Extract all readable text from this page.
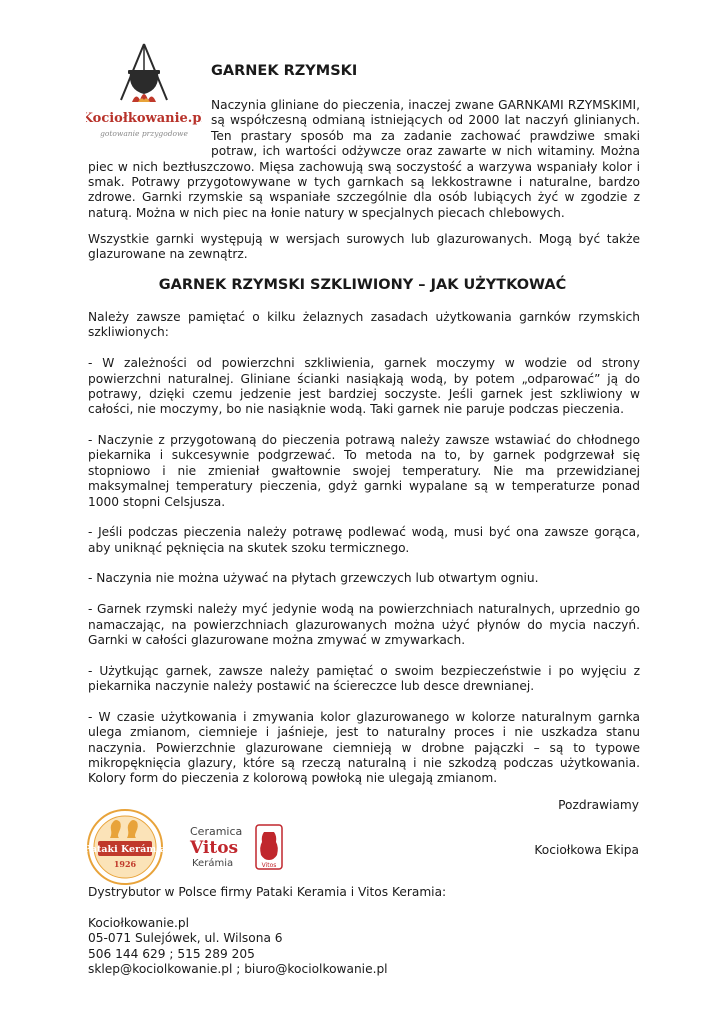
Kociołkowanie.pl
gotowanie przygodowe
GARNEK RZYMSKI
Naczynia gliniane do pieczenia, inaczej zwane GARNKAMI RZYMSKIMI, są współczesną odmianą istniejących od 2000 lat naczyń glinianych. Ten prastary sposób ma za zadanie zachować prawdziwe smaki potraw, ich wartości odżywcze oraz zawarte w nich witaminy. Można piec w nich beztłuszczowo. Mięsa zachowują swą soczystość a warzywa wspaniały kolor i smak. Potrawy przygotowywane w tych garnkach są lekkostrawne i naturalne, bardzo zdrowe. Garnki rzymskie są wspaniałe szczególnie dla osób lubiących żyć w zgodzie z naturą. Można w nich piec na łonie natury w specjalnych piecach chlebowych.

Wszystkie garnki występują w wersjach surowych lub glazurowanych. Mogą być także glazurowane na zewnątrz.

GARNEK RZYMSKI SZKLIWIONY – JAK UŻYTKOWAĆ

Należy zawsze pamiętać o kilku żelaznych zasadach użytkowania garnków rzymskich szkliwionych:

- W zależności od powierzchni szkliwienia, garnek moczymy w wodzie od strony powierzchni naturalnej. Gliniane ścianki nasiąkają wodą, by potem „odparować” ją do potrawy, dzięki czemu jedzenie jest bardziej soczyste. Jeśli garnek jest szkliwiony w całości, nie moczymy, bo nie nasiąknie wodą. Taki garnek nie paruje podczas pieczenia.

- Naczynie z przygotowaną do pieczenia potrawą należy zawsze wstawiać do chłodnego piekarnika i sukcesywnie podgrzewać. To metoda na to, by garnek podgrzewał się stopniowo i nie zmieniał gwałtownie swojej temperatury. Nie ma przewidzianej maksymalnej temperatury pieczenia, gdyż garnki wypalane są w temperaturze ponad 1000 stopni Celsjusza.

- Jeśli podczas pieczenia należy potrawę podlewać wodą, musi być ona zawsze gorąca, aby uniknąć pęknięcia na skutek szoku termicznego.

- Naczynia nie można używać na płytach grzewczych lub otwartym ogniu.

- Garnek rzymski należy myć jedynie wodą na powierzchniach naturalnych, uprzednio go namaczając, na powierzchniach glazurowanych można użyć płynów do mycia naczyń. Garnki w całości glazurowane można zmywać w zmywarkach.

- Użytkując garnek, zawsze należy pamiętać o swoim bezpieczeństwie i po wyjęciu z piekarnika naczynie należy postawić na ściereczce lub desce drewnianej.

- W czasie użytkowania i zmywania kolor glazurowanego w kolorze naturalnym garnka ulega zmianom, ciemnieje i jaśnieje, jest to naturalny proces i nie uszkadza stanu naczynia. Powierzchnie glazurowane ciemnieją w drobne pajączki – są to typowe mikropęknięcia glazury, które są rzeczą naturalną i nie szkodzą podczas użytkowania. Kolory form do pieczenia z kolorową powłoką nie ulegają zmianom.

Pozdrawiamy

Kociołkowa Ekipa

Pataki Kerámia
1926
Ceramica
Vitos
Kerámia	Vitos

Dystrybutor w Polsce firmy Pataki Keramia i Vitos Keramia:

Kociołkowanie.pl
05-071 Sulejówek, ul. Wilsona 6
506 144 629 ; 515 289 205
sklep@kociolkowanie.pl ; biuro@kociolkowanie.pl
